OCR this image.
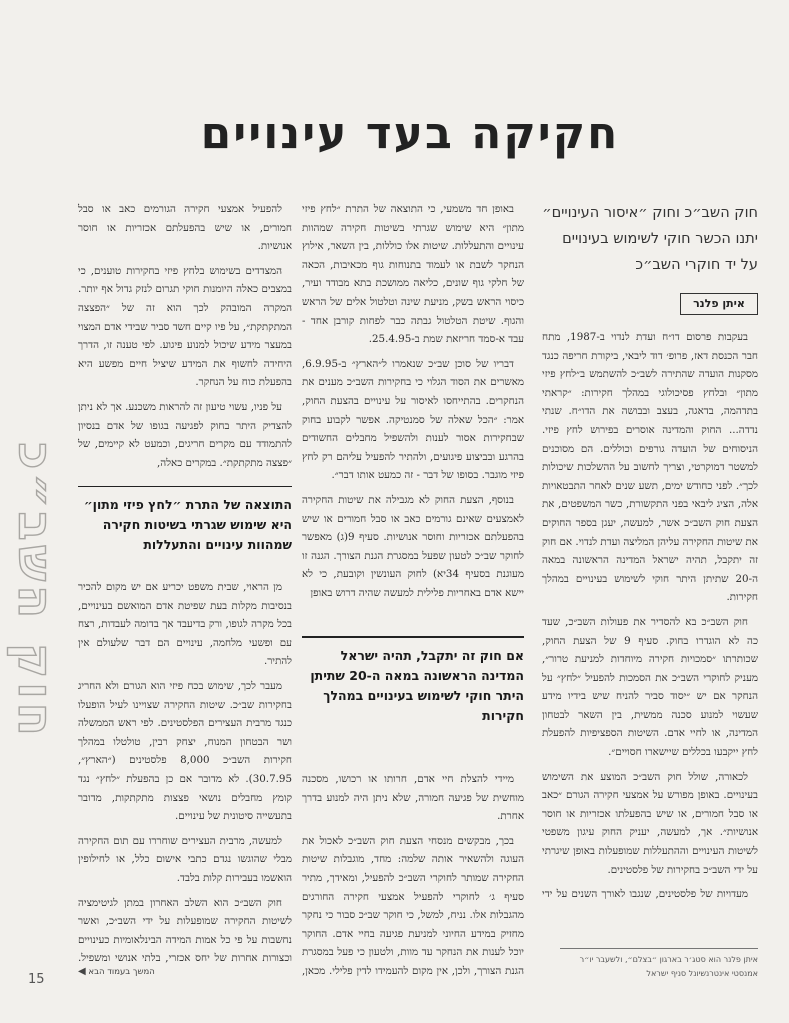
חוק השב״כ
חקיקה בעד עינויים
חוק השב״כ וחוק ״איסור העינויים״ יתנו הכשר חוקי לשימוש בעינויים על יד חוקרי השב״כ
איתן פלנר

בעקבות פרסום דו״ח ועדת לנדוי ב-1987, מתח חבר הכנסת דאז, פרופ׳ דוד ליבאי, ביקורת חריפה כנגד מסקנות הועדה שהתירה לשב״כ להשתמש ב״לחץ פיזי מתון״ ובלחץ פסיכולוגי במהלך חקירות: ״קראתי בתדהמה, בדאגה, בעצב ובבושה את הדו״ח. שנתי נדדה... החוק והמדינה אוסרים בפירוש לחץ פיזי. הניסוחים של הועדה גורפים וכוללים. הם מסוכנים למשטר דמוקרטי, וצריך לחשוב על ההשלכות שיכולות לכך״. לפני כחודש ימים, תשע שנים לאחר התבטאויות אלה, הציג ליבאי בפני התקשורת, כשר המשפטים, את הצעת חוק השב״כ אשר, למעשה, יעגן בספר החוקים את שיטות החקירה עליהן המליצה ועדת לנדוי. אם חוק זה יתקבל, תהיה ישראל המדינה הראשונה במאה ה-20 שתיתן היתר חוקי לשימוש בעינויים במהלך חקירות.

חוק השב״כ בא להסדיר את פעולות השב״כ, שעד כה לא הוגדרו בחוק. סעיף 9 של הצעת החוק, שכותרתו ״סמכויות חקירה מיוחדות למניעת טרור״, מעניק לחוקרי השב״כ את הסמכות להפעיל ״לחץ״ על הנחקר אם יש ״יסוד סביר להניח שיש בידיו מידע שעשוי למנוע סכנה ממשית, בין השאר לבטחון המדינה, או לחיי אדם. השיטות הספציפיות להפעלת לחץ ייקבעו בכללים שיישארו חסויים״.

לכאורה, שולל חוק השב״כ המוצע את השימוש בעינויים. באופן מפורש על אמצעי חקירה הגורם ״כאב או סבל חמורים, או שיש בהפעלתו אכזריות או חוסר אנושיות״. אך, למעשה, יעניק החוק עיגון משפטי לשיטות העינויים וההתעללות שמופעלות באופן שיגרתי על ידי השב״כ בחקירות של פלסטינים.

מעדויות של פלסטינים, שנגבו לאורך השנים על ידי

באופן חד משמעי, כי התוצאה של התרת ״לחץ פיזי מתון״ היא שימוש שגרתי בשיטות חקירה שמהוות עינויים והתעללות. שיטות אלו כוללות, בין השאר, אילוץ הנחקר לשבת או לעמוד בתנוחות גוף מכאיבות, הכאה של חלקי גוף שונים, כליאה ממושכת בתא מבודד ועיר, כיסוי הראש בשק, מניעת שינה וטלטול אלים של הראש והגוף. שיטת הטלטול גבתה כבר לפחות קורבן אחד - עבד א-סמד חריזאת שמת ב-25.4.95.

דבריו של סוכן שב״כ שנאמרו ל״הארץ״ ב-6.9.95, מאשרים את הסוד הגלוי כי בחקירות השב״כ מענים את הנחקרים. בהתייחסו לאיסור על עינויים בהצעת החוק, אמר: ״הכל שאלה של סמנטיקה. אפשר לקבוע בחוק שבחקירות אסור לענות ולהשפיל מחבלים החשודים בהרגע ובביצוע פיגועים, ולהתיר להפעיל עליהם רק לחץ פיזי מוגבר. בסופו של דבר - זה כמעט אותו דבר״.

בנוסף, הצעת החוק לא מגבילה את שיטות החקירה לאמצעים שאינם גורמים כאב או סבל חמורים או שיש בהפעלתם אכזריות וחוסר אנושיות. סעיף 9(ג) מאפשר לחוקר שב״כ לטעון שפעל במסגרת הגנת הצורך. הגנה זו מעוגנת בסעיף 34יא) לחוק העונשין וקובעת, כי לא יישא אדם באחריות פלילית למעשה שהיה דרוש באופן

אם חוק זה יתקבל, תהיה ישראל המדינה הראשונה במאה ה-20 שתיתן היתר חוקי לשימוש בעינויים במהלך חקירות

מיידי להצלת חיי אדם, חרותו או רכושו, מסכנה מוחשית של פגיעה חמורה, שלא ניתן היה למנוע בדרך אחרת.

בכך, מבקשים מנסחי הצעת חוק השב״כ לאכול את העוגה ולהשאיר אותה שלמה: מחד, מוגבלות שיטות החקירה שמותר לחוקרי השב״כ להפעיל, ומאידך, מתיר סעיף ג׳ לחוקרי להפעיל אמצעי חקירה החורגים מהגבלות אלו. נניח, למשל, כי חוקר שב״כ סבור כי נחקר מחזיק במידע החיוני למניעת פגיעה בחיי אדם. החוקר יוכל לענות את הנחקר עד מוות, ולטעון כי פעל במסגרת הגנת הצורך, ולכן, אין מקום להעמידו לדין פלילי. מכאן,

להפעיל אמצעי חקירה הגורמים כאב או סבל חמורים, או שיש בהפעלתם אכזריות או חוסר אנושיות.

המצדדים בשימוש בלחץ פיזי בחקירות טוענים, כי במצבים כאלה היומנות חוקי תגרום לנזק גדול אף יותר. המקרה המובהק לכך הוא זה של ״הפצצה המתקתקת״, על פיו קיים חשד סביר שבידי אדם המצוי במעצר מידע שיכול למנוע פיגוע. לפי טענה זו, הדרך היחידה לחשוף את המידע שיציל חיים מפשע היא בהפעלת כוח על הנחקר.

על פניו, עשוי טיעון זה להראות משכנע. אך לא ניתן להצדיק היתר בחוק לפגיעה בגופו של אדם בנסיון להתמודד עם מקרים חריגים, וכמעט לא קיימים, של ״פצצה מתקתקת״. במקרים כאלה,

התוצאה של התרת ״לחץ פיזי מתון״ היא שימוש שגרתי בשיטות חקירה שמהוות עינויים והתעללות

מן הראוי, שבית משפט יכריע אם יש מקום להכיר בנסיבות מקלות בעת שפיטת אדם המואשם בעינויים, בכל מקרה לגופו, ורק בדיעבד אך בדומה לעבדות, רצח עם ופשעי מלחמה, עינויים הם דבר שלעולם אין להתיר.

מעבר לכך, שימוש בכח פיזי הוא הגורם ולא החריג בחקירות שב״כ. שיטות החקירה שצויינו לעיל הופעלו כנגד מרבית העצירים הפלסטינים. לפי ראש הממשלה ושר הבטחון המנוח, יצחק רבין, טולטלו במהלך חקירות השב״כ 8,000 פלסטינים (״הארץ״, 30.7.95). לא מדובר אם כן בהפעלת ״לחץ״ נגד קומץ מחבלים נושאי פצצות מתקתקות, מדובר בתעשייה סיטונית של עינויים.

למעשה, מרבית העצירים שוחררו עם תום החקירה מבלי שהוגשו נגדם כתבי אישום כלל, או לחילופין הואשמו בעבירות קלות בלבד.

חוק השב״כ הוא השלב האחרון במתן לגיטימציה לשיטות החקירה שמופעלות על ידי השב״כ, ואשר נחשבות על פי כל אמות המידה הבינלאומיות כעינויים וכצורות אחרות של יחס אכזרי, בלתי אנושי ומשפיל.

המשך בעמוד הבא ◀
איתן פלנר הוא סטג׳ר בארגון ״בצלם״, ולשעבר יו״ר אמנסטי אינטרנשיונל סניף ישראל
15
